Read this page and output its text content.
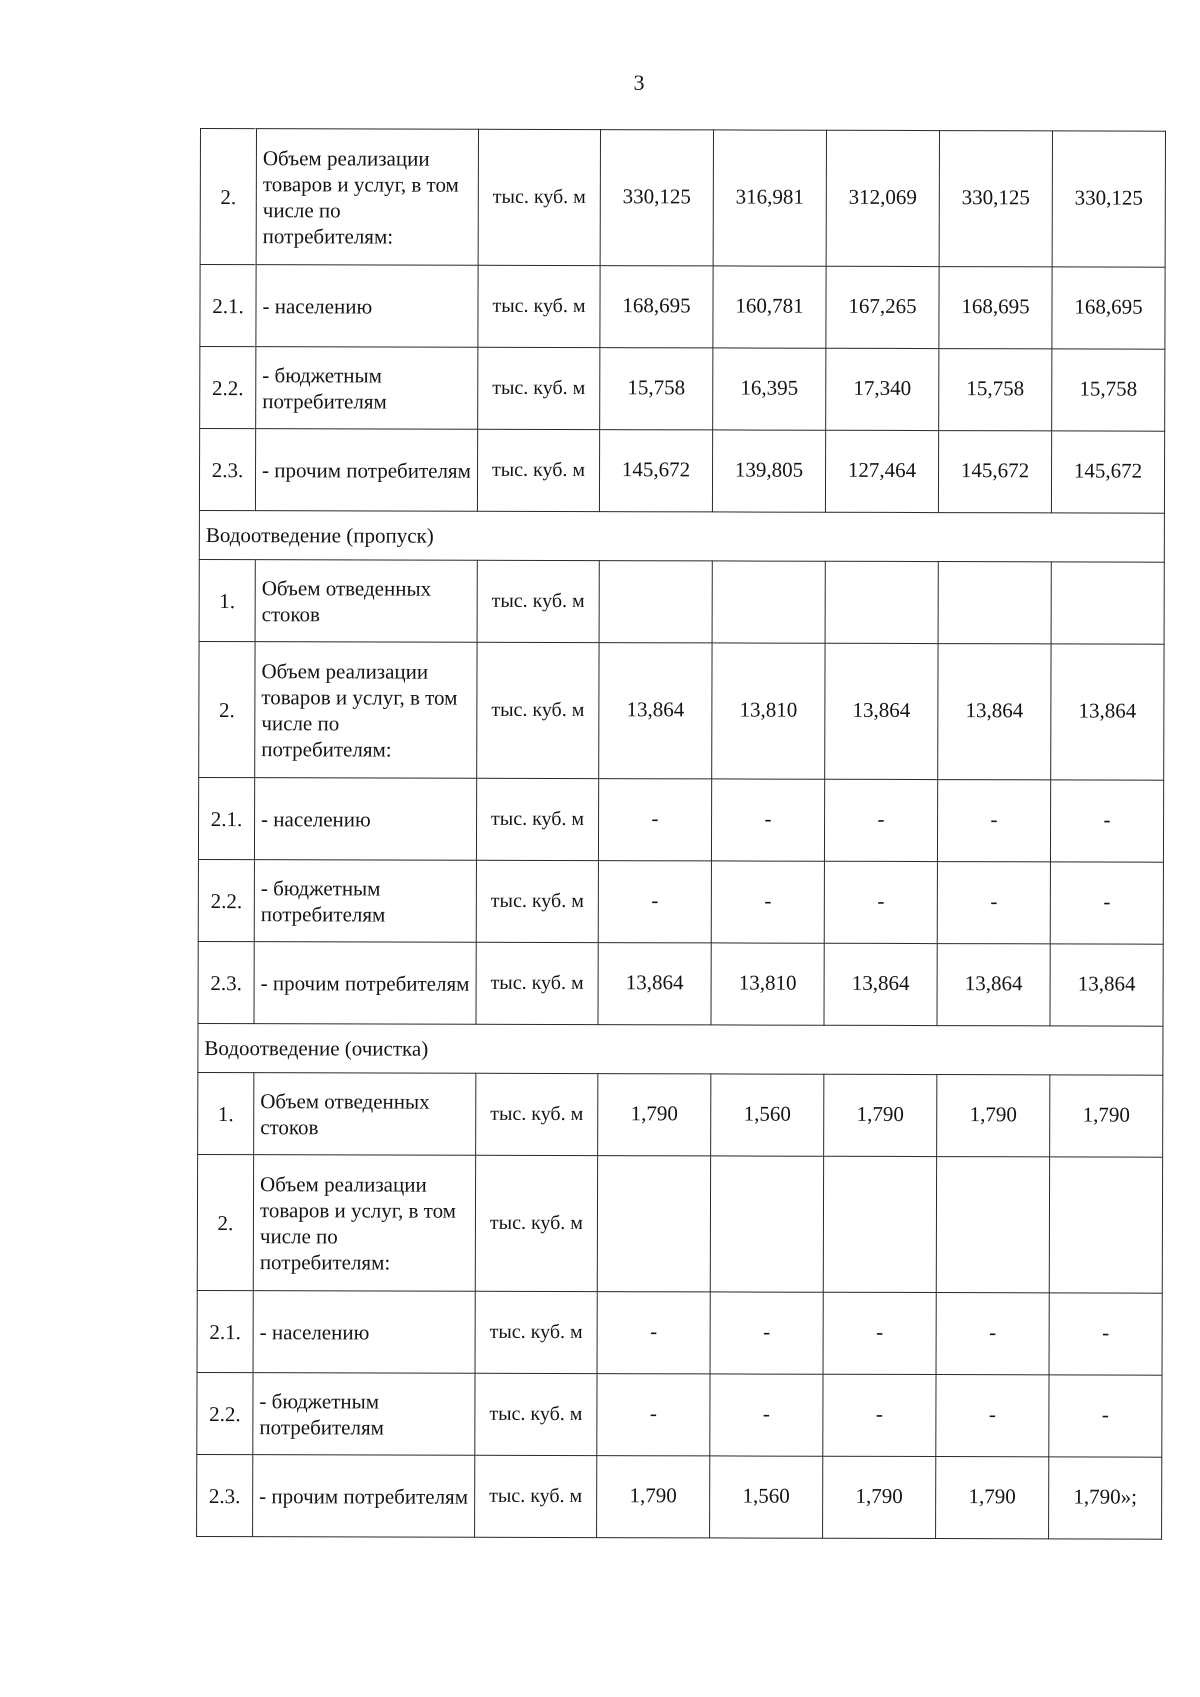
3
2.	Объем реализации товаров и услуг, в том числе по потребителям:	тыс. куб. м	330,125	316,981	312,069	330,125	330,125
2.1.	- населению	тыс. куб. м	168,695	160,781	167,265	168,695	168,695
2.2.	- бюджетным потребителям	тыс. куб. м	15,758	16,395	17,340	15,758	15,758
2.3.	- прочим потребителям	тыс. куб. м	145,672	139,805	127,464	145,672	145,672
Водоотведение (пропуск)							
1.	Объем отведенных стоков	тыс. куб. м					
2.	Объем реализации товаров и услуг, в том числе по потребителям:	тыс. куб. м	13,864	13,810	13,864	13,864	13,864
2.1.	- населению	тыс. куб. м	-	-	-	-	-
2.2.	- бюджетным потребителям	тыс. куб. м	-	-	-	-	-
2.3.	- прочим потребителям	тыс. куб. м	13,864	13,810	13,864	13,864	13,864
Водоотведение (очистка)							
1.	Объем отведенных стоков	тыс. куб. м	1,790	1,560	1,790	1,790	1,790
2.	Объем реализации товаров и услуг, в том числе по потребителям:	тыс. куб. м					
2.1.	- населению	тыс. куб. м	-	-	-	-	-
2.2.	- бюджетным потребителям	тыс. куб. м	-	-	-	-	-
2.3.	- прочим потребителям	тыс. куб. м	1,790	1,560	1,790	1,790	1,790»;
